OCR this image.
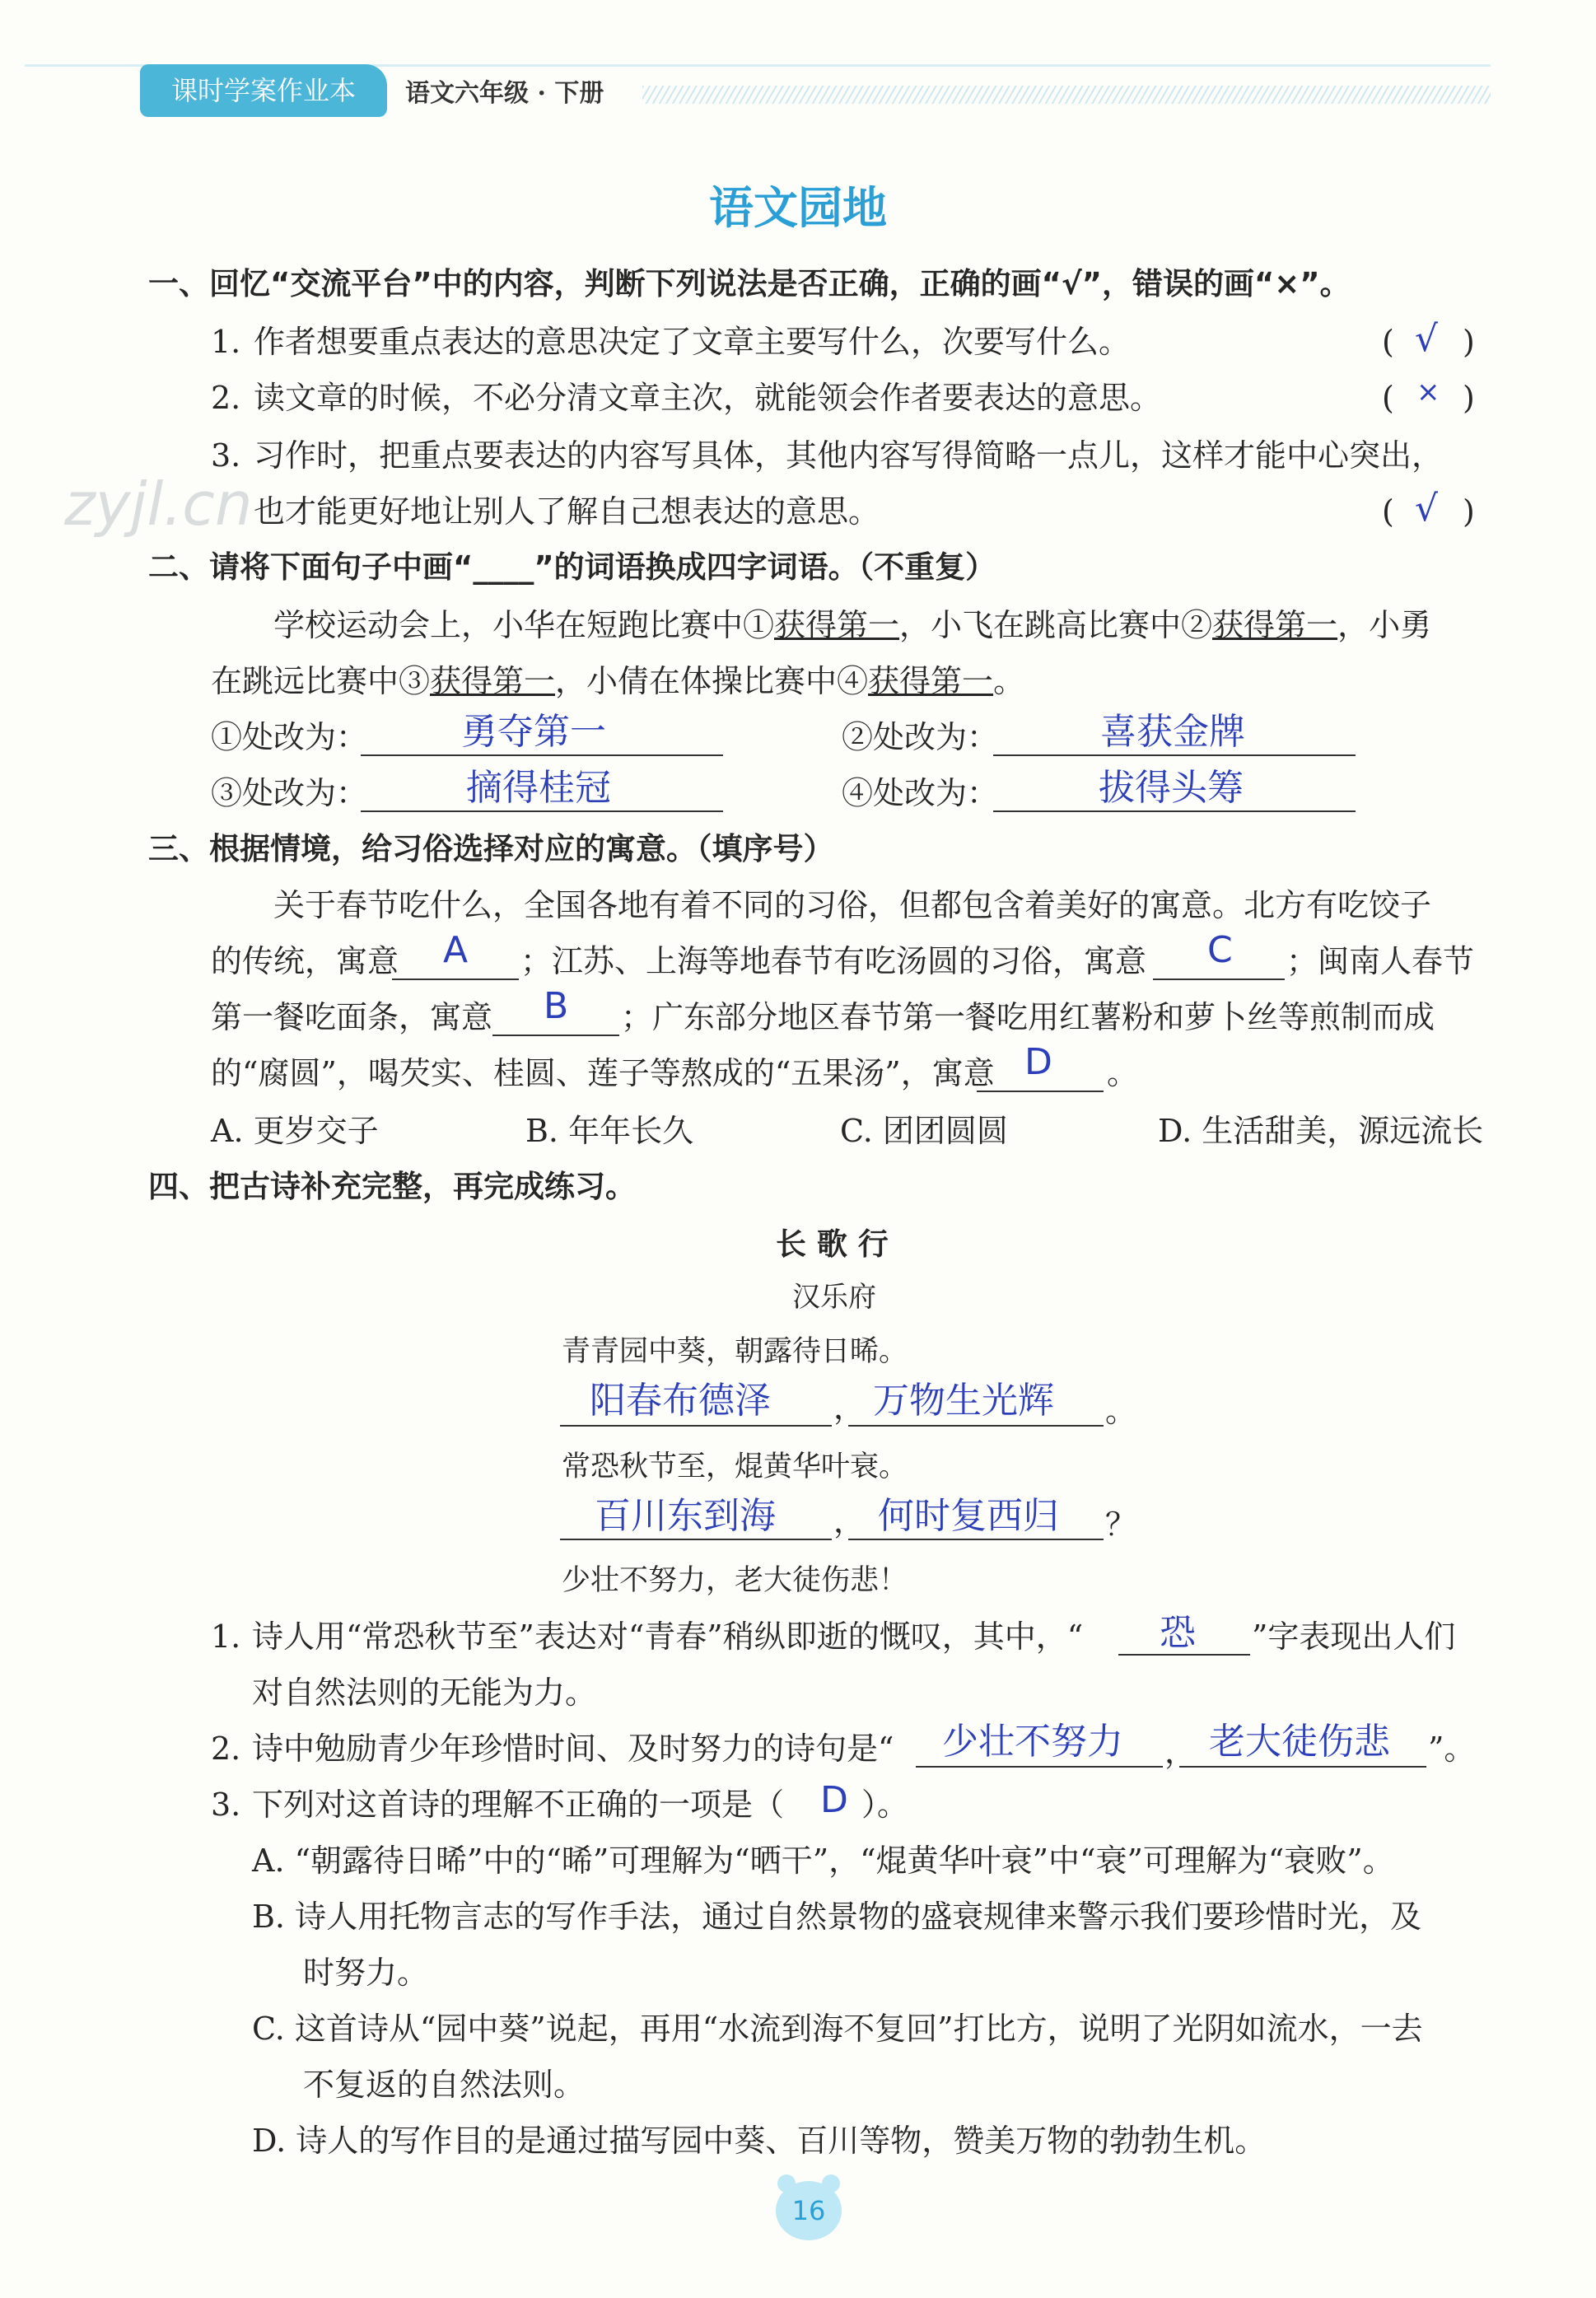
课时学案作业本	语文六年级 · 下册
语文园地
zyjl.cn
一、回忆“交流平台”中的内容，判断下列说法是否正确，正确的画“√”，错误的画“×”。
1. 作者想要重点表达的意思决定了文章主要写什么，次要写什么。	( √ )
2. 读文章的时候，不必分清文章主次，就能领会作者要表达的意思。	( × )
3. 习作时，把重点要表达的内容写具体，其他内容写得简略一点儿，这样才能中心突出，
也才能更好地让别人了解自己想表达的意思。	( √ )
二、请将下面句子中画“____”的词语换成四字词语。（不重复）
学校运动会上，小华在短跑比赛中①获得第一，小飞在跳高比赛中②获得第一，小勇
在跳远比赛中③获得第一，小倩在体操比赛中④获得第一。
①处改为：	勇夺第一	②处改为：	喜获金牌
③处改为：	摘得桂冠	④处改为：	拔得头筹
三、根据情境，给习俗选择对应的寓意。（填序号）
关于春节吃什么，全国各地有着不同的习俗，但都包含着美好的寓意。北方有吃饺子
的传统，寓意 A ；江苏、上海等地春节有吃汤圆的习俗，寓意 C ；闽南人春节
第一餐吃面条，寓意 B ；广东部分地区春节第一餐吃用红薯粉和萝卜丝等煎制而成
的“腐圆”，喝芡实、桂圆、莲子等熬成的“五果汤”，寓意 D 。
A. 更岁交子	B. 年年长久	C. 团团圆圆	D. 生活甜美，源远流长
四、把古诗补充完整，再完成练习。
长 歌 行
汉乐府
青青园中葵，朝露待日晞。
阳春布德泽 ， 万物生光辉 。
常恐秋节至，焜黄华叶衰。
百川东到海 ， 何时复西归 ？
少壮不努力，老大徒伤悲！
1. 诗人用“常恐秋节至”表达对“青春”稍纵即逝的慨叹，其中，“ 恐 ”字表现出人们
对自然法则的无能为力。
2. 诗中勉励青少年珍惜时间、及时努力的诗句是“ 少壮不努力 ， 老大徒伤悲 ”。
3. 下列对这首诗的理解不正确的一项是（ D ）。
A. “朝露待日晞”中的“晞”可理解为“晒干”，“焜黄华叶衰”中“衰”可理解为“衰败”。
B. 诗人用托物言志的写作手法，通过自然景物的盛衰规律来警示我们要珍惜时光，及
时努力。
C. 这首诗从“园中葵”说起，再用“水流到海不复回”打比方，说明了光阴如流水，一去
不复返的自然法则。
D. 诗人的写作目的是通过描写园中葵、百川等物，赞美万物的勃勃生机。
16
